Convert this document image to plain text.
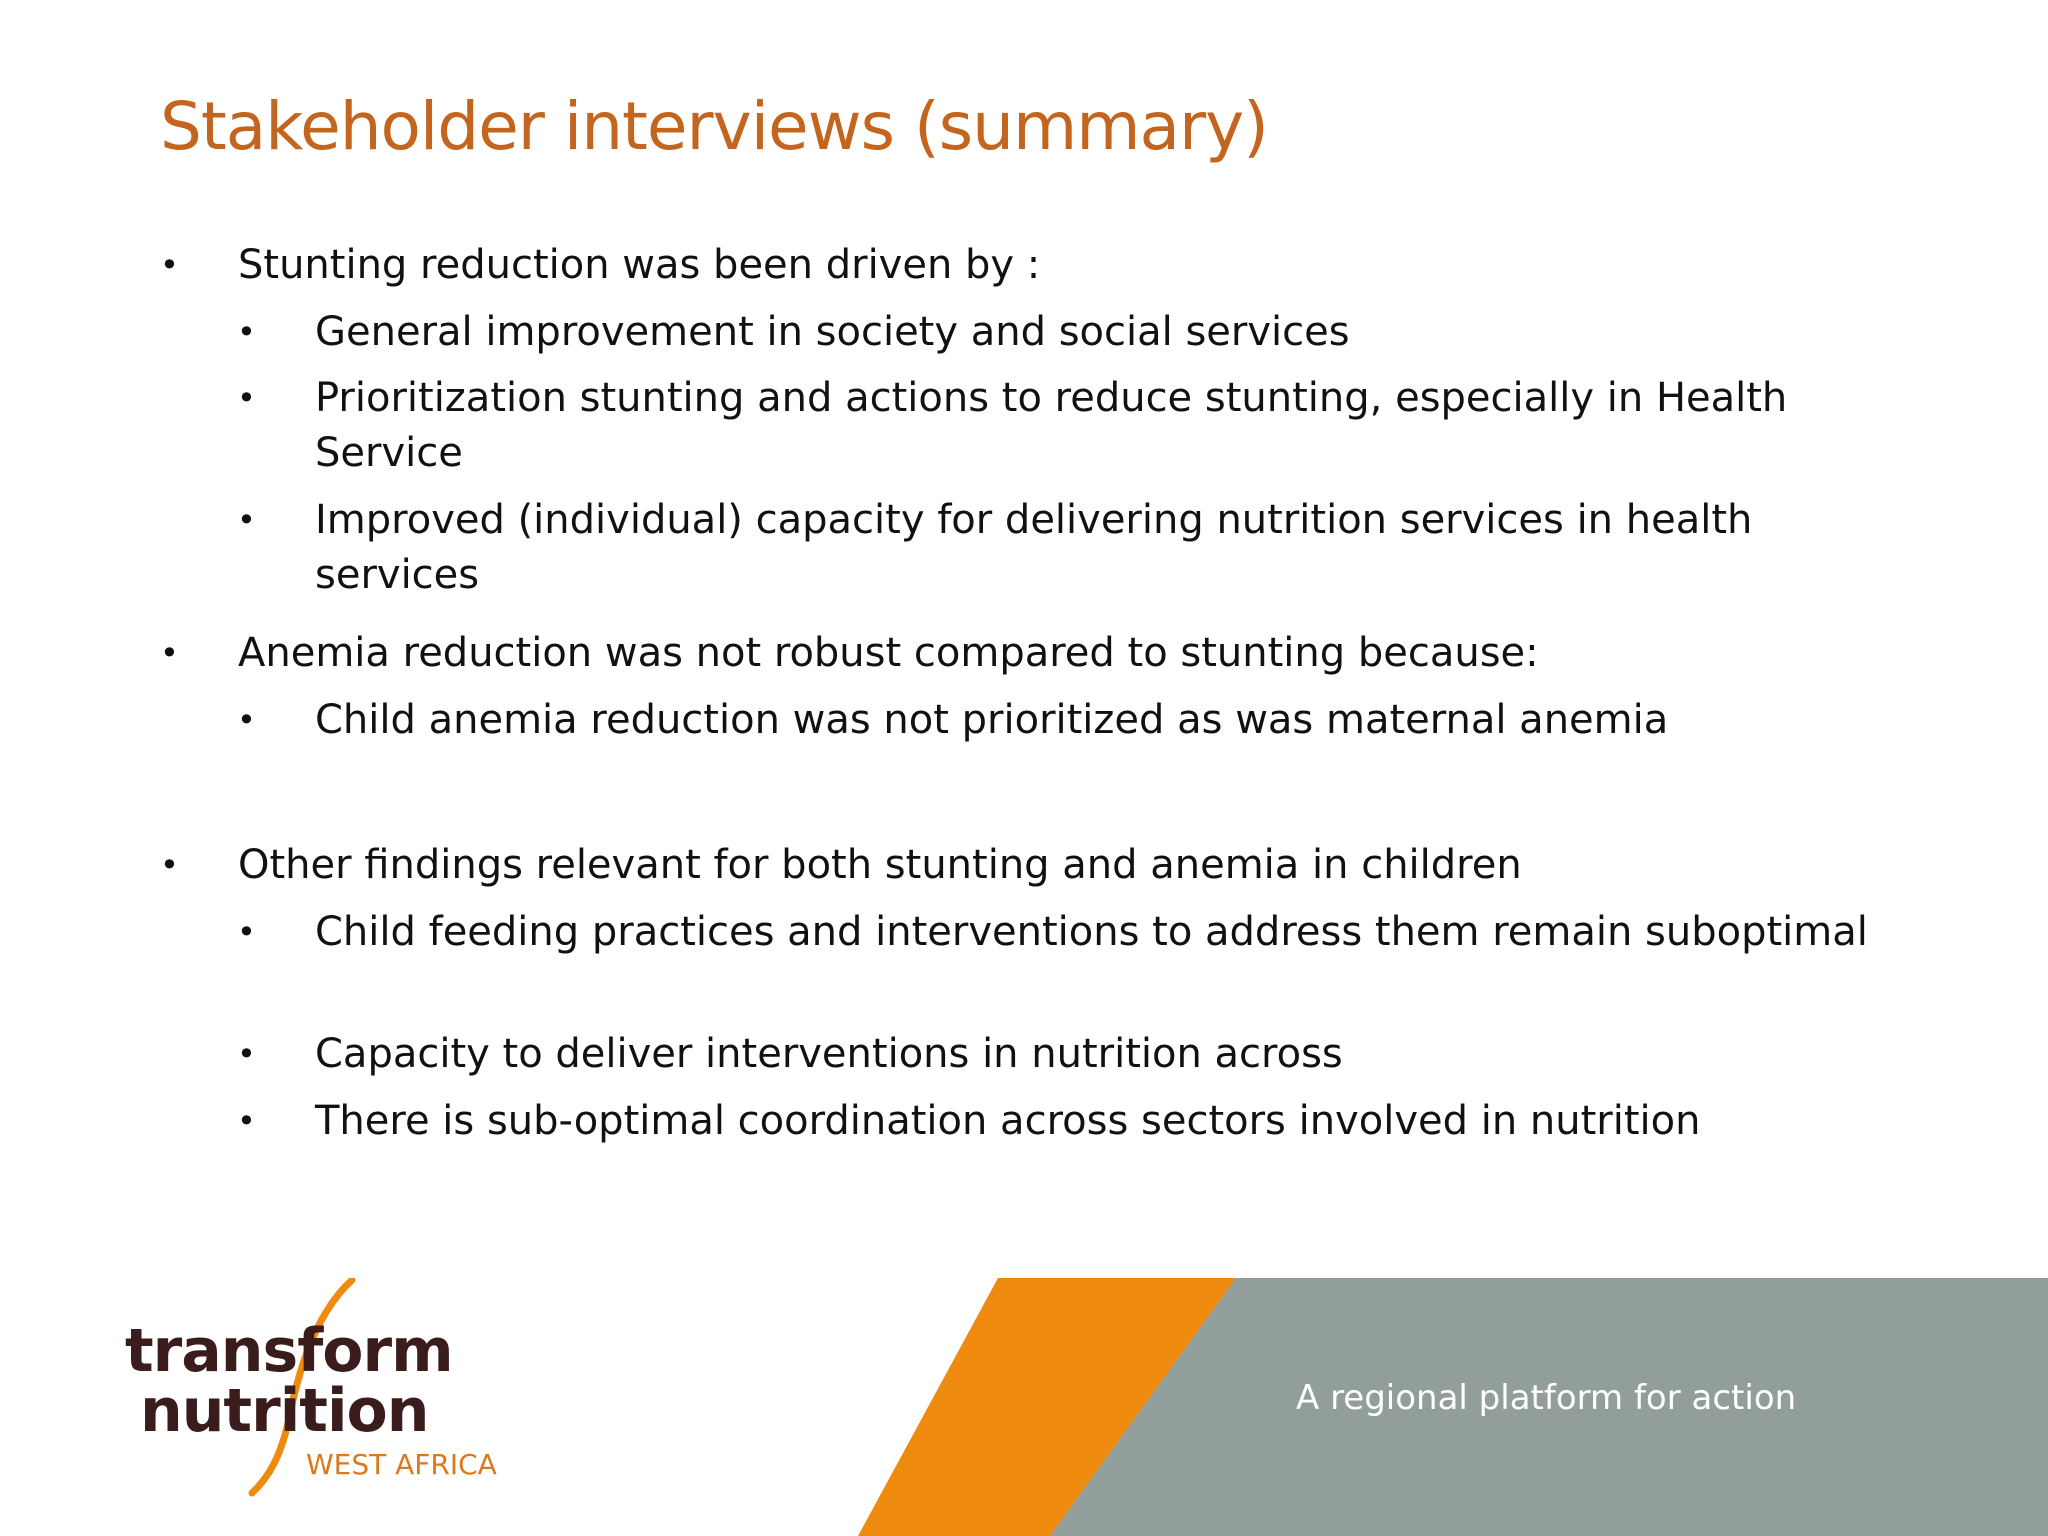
Stakeholder interviews (summary)
• Stunting reduction was been driven by :
• General improvement in society and social services
• Prioritization stunting and actions to reduce stunting, especially in Health Service
• Improved (individual) capacity for delivering nutrition services in health services
• Anemia reduction was not robust compared to stunting because:
• Child anemia reduction was not prioritized as was maternal anemia
• Other findings relevant for both stunting and anemia in children
• Child feeding practices and interventions to address them remain suboptimal
• Capacity to deliver interventions in nutrition across
• There is sub-optimal coordination across sectors involved in nutrition
A regional platform for action
transform
nutrition
WEST AFRICA
